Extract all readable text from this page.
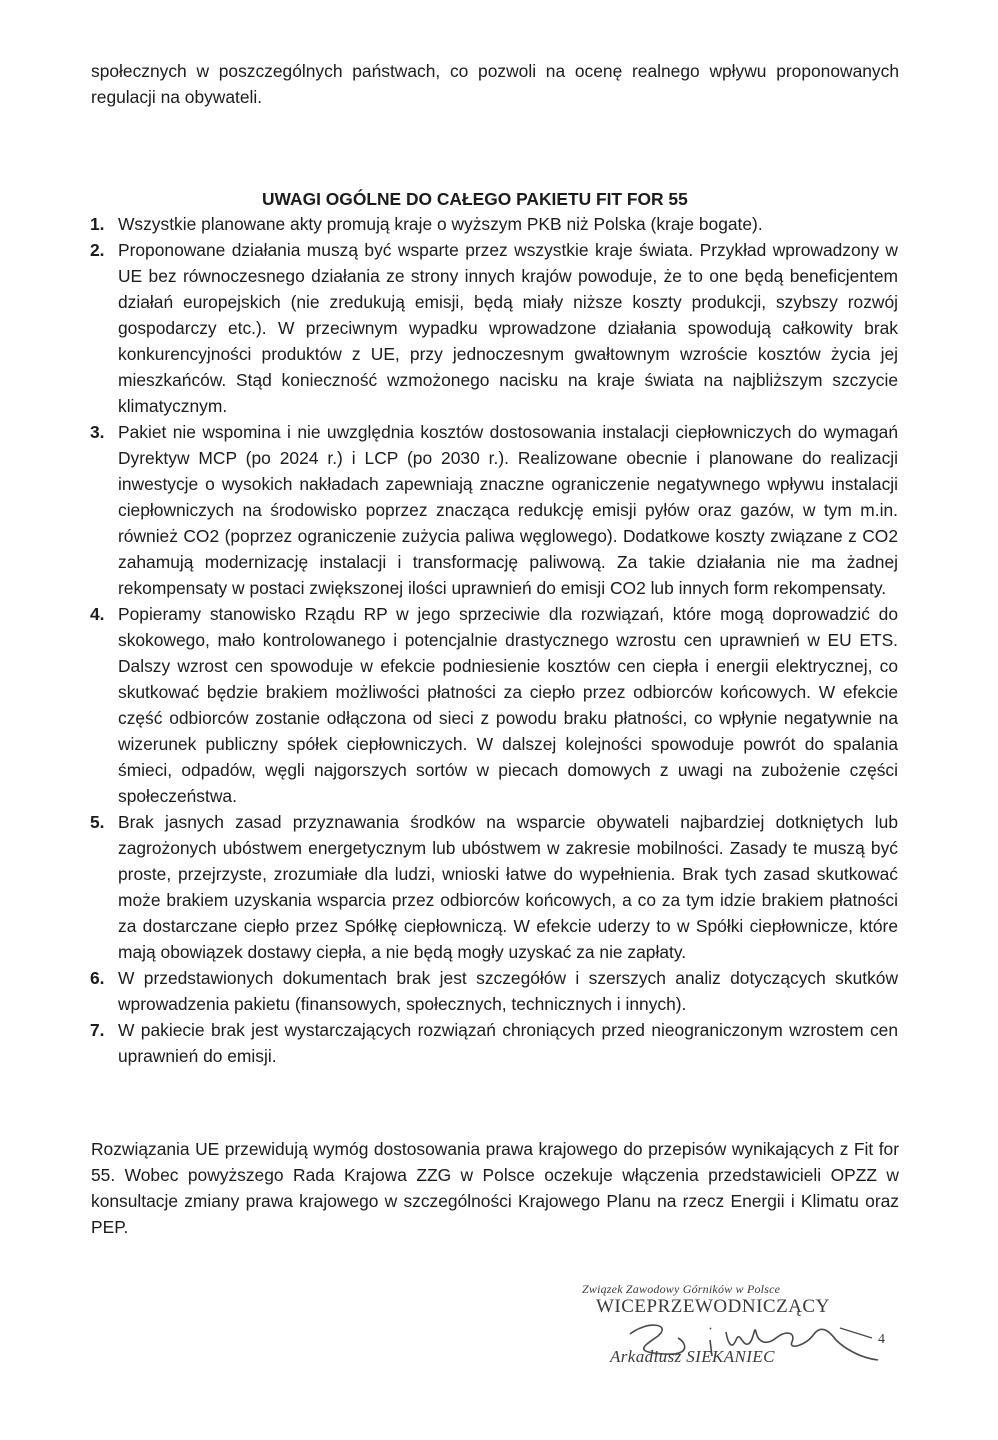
społecznych w poszczególnych państwach, co pozwoli na ocenę realnego wpływu proponowanych regulacji na obywateli.

UWAGI OGÓLNE DO CAŁEGO PAKIETU FIT FOR 55
1. Wszystkie planowane akty promują kraje o wyższym PKB niż Polska (kraje bogate).
2. Proponowane działania muszą być wsparte przez wszystkie kraje świata. Przykład wprowadzony w UE bez równoczesnego działania ze strony innych krajów powoduje, że to one będą beneficjentem działań europejskich (nie zredukują emisji, będą miały niższe koszty produkcji, szybszy rozwój gospodarczy etc.). W przeciwnym wypadku wprowadzone działania spowodują całkowity brak konkurencyjności produktów z UE, przy jednoczesnym gwałtownym wzroście kosztów życia jej mieszkańców. Stąd konieczność wzmożonego nacisku na kraje świata na najbliższym szczycie klimatycznym.
3. Pakiet nie wspomina i nie uwzględnia kosztów dostosowania instalacji ciepłowniczych do wymagań Dyrektyw MCP (po 2024 r.) i LCP (po 2030 r.). Realizowane obecnie i planowane do realizacji inwestycje o wysokich nakładach zapewniają znaczne ograniczenie negatywnego wpływu instalacji ciepłowniczych na środowisko poprzez znacząca redukcję emisji pyłów oraz gazów, w tym m.in. również CO2 (poprzez ograniczenie zużycia paliwa węglowego). Dodatkowe koszty związane z CO2 zahamują modernizację instalacji i transformację paliwową. Za takie działania nie ma żadnej rekompensaty w postaci zwiększonej ilości uprawnień do emisji CO2 lub innych form rekompensaty.
4. Popieramy stanowisko Rządu RP w jego sprzeciwie dla rozwiązań, które mogą doprowadzić do skokowego, mało kontrolowanego i potencjalnie drastycznego wzrostu cen uprawnień w EU ETS. Dalszy wzrost cen spowoduje w efekcie podniesienie kosztów cen ciepła i energii elektrycznej, co skutkować będzie brakiem możliwości płatności za ciepło przez odbiorców końcowych. W efekcie część odbiorców zostanie odłączona od sieci z powodu braku płatności, co wpłynie negatywnie na wizerunek publiczny spółek ciepłowniczych. W dalszej kolejności spowoduje powrót do spalania śmieci, odpadów, węgli najgorszych sortów w piecach domowych z uwagi na zubożenie części społeczeństwa.
5. Brak jasnych zasad przyznawania środków na wsparcie obywateli najbardziej dotkniętych lub zagrożonych ubóstwem energetycznym lub ubóstwem w zakresie mobilności. Zasady te muszą być proste, przejrzyste, zrozumiałe dla ludzi, wnioski łatwe do wypełnienia. Brak tych zasad skutkować może brakiem uzyskania wsparcia przez odbiorców końcowych, a co za tym idzie brakiem płatności za dostarczane ciepło przez Spółkę ciepłowniczą. W efekcie uderzy to w Spółki ciepłownicze, które mają obowiązek dostawy ciepła, a nie będą mogły uzyskać za nie zapłaty.
6. W przedstawionych dokumentach brak jest szczegółów i szerszych analiz dotyczących skutków wprowadzenia pakietu (finansowych, społecznych, technicznych i innych).
7. W pakiecie brak jest wystarczających rozwiązań chroniących przed nieograniczonym wzrostem cen uprawnień do emisji.

Rozwiązania UE przewidują wymóg dostosowania prawa krajowego do przepisów wynikających z Fit for 55. Wobec powyższego Rada Krajowa ZZG w Polsce oczekuje włączenia przedstawicieli OPZZ w konsultacje zmiany prawa krajowego w szczególności Krajowego Planu na rzecz Energii i Klimatu oraz PEP.

Związek Zawodowy Górników w Polsce
WICEPRZEWODNICZĄCY
Arkadiusz SIEKANIEC
4
